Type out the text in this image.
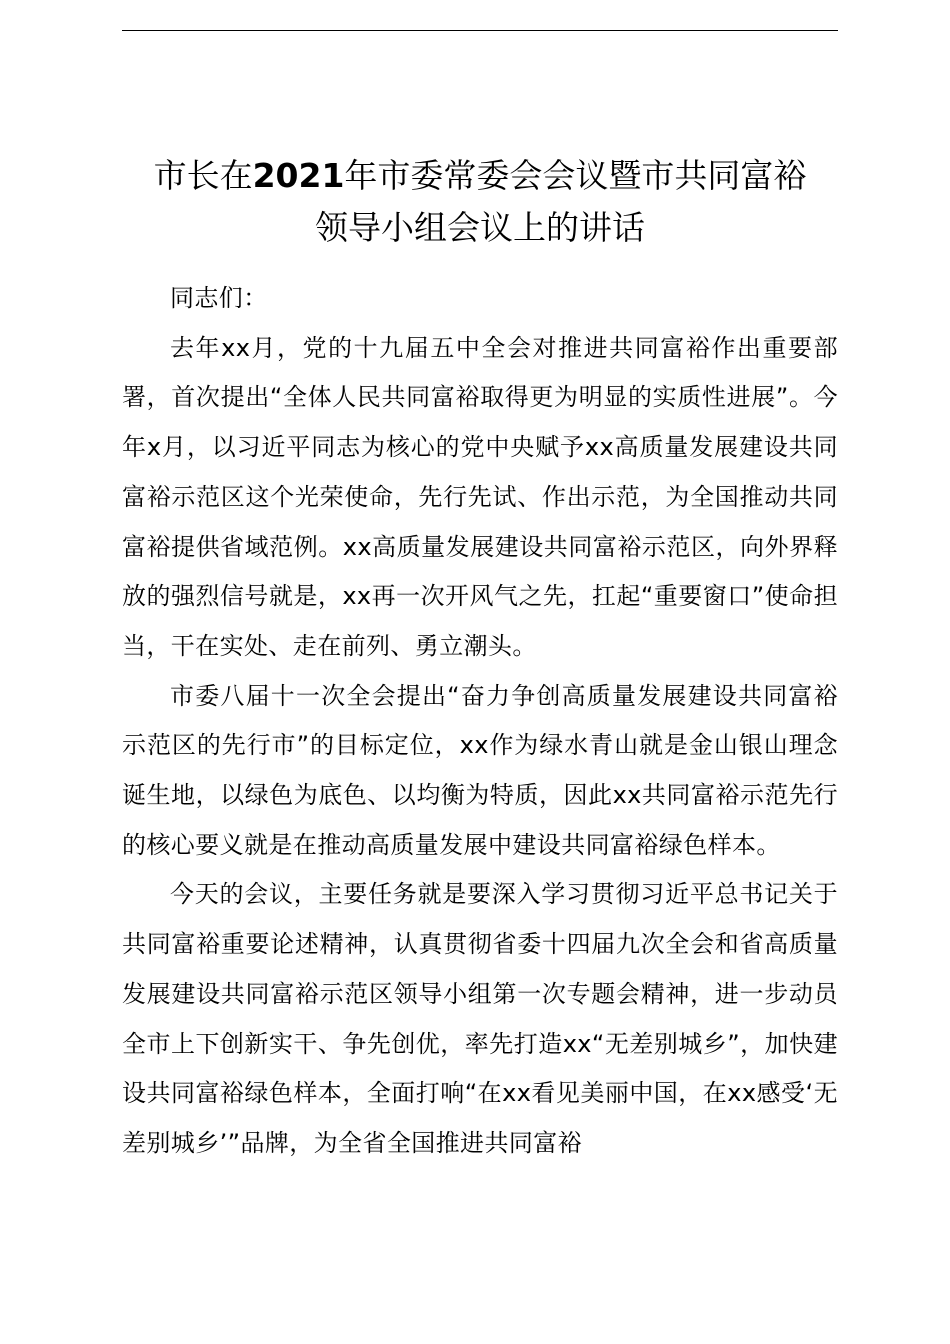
市长在2021年市委常委会会议暨市共同富裕
领导小组会议上的讲话

同志们：

去年xx月，党的十九届五中全会对推进共同富裕作出重要部署，首次提出“全体人民共同富裕取得更为明显的实质性进展”。今年x月，以习近平同志为核心的党中央赋予xx高质量发展建设共同富裕示范区这个光荣使命，先行先试、作出示范，为全国推动共同富裕提供省域范例。xx高质量发展建设共同富裕示范区，向外界释放的强烈信号就是，xx再一次开风气之先，扛起“重要窗口”使命担当，干在实处、走在前列、勇立潮头。

市委八届十一次全会提出“奋力争创高质量发展建设共同富裕示范区的先行市”的目标定位，xx作为绿水青山就是金山银山理念诞生地，以绿色为底色、以均衡为特质，因此xx共同富裕示范先行的核心要义就是在推动高质量发展中建设共同富裕绿色样本。

今天的会议，主要任务就是要深入学习贯彻习近平总书记关于共同富裕重要论述精神，认真贯彻省委十四届九次全会和省高质量发展建设共同富裕示范区领导小组第一次专题会精神，进一步动员全市上下创新实干、争先创优，率先打造xx“无差别城乡”，加快建设共同富裕绿色样本，全面打响“在xx看见美丽中国，在xx感受‘无差别城乡’”品牌，为全省全国推进共同富裕
